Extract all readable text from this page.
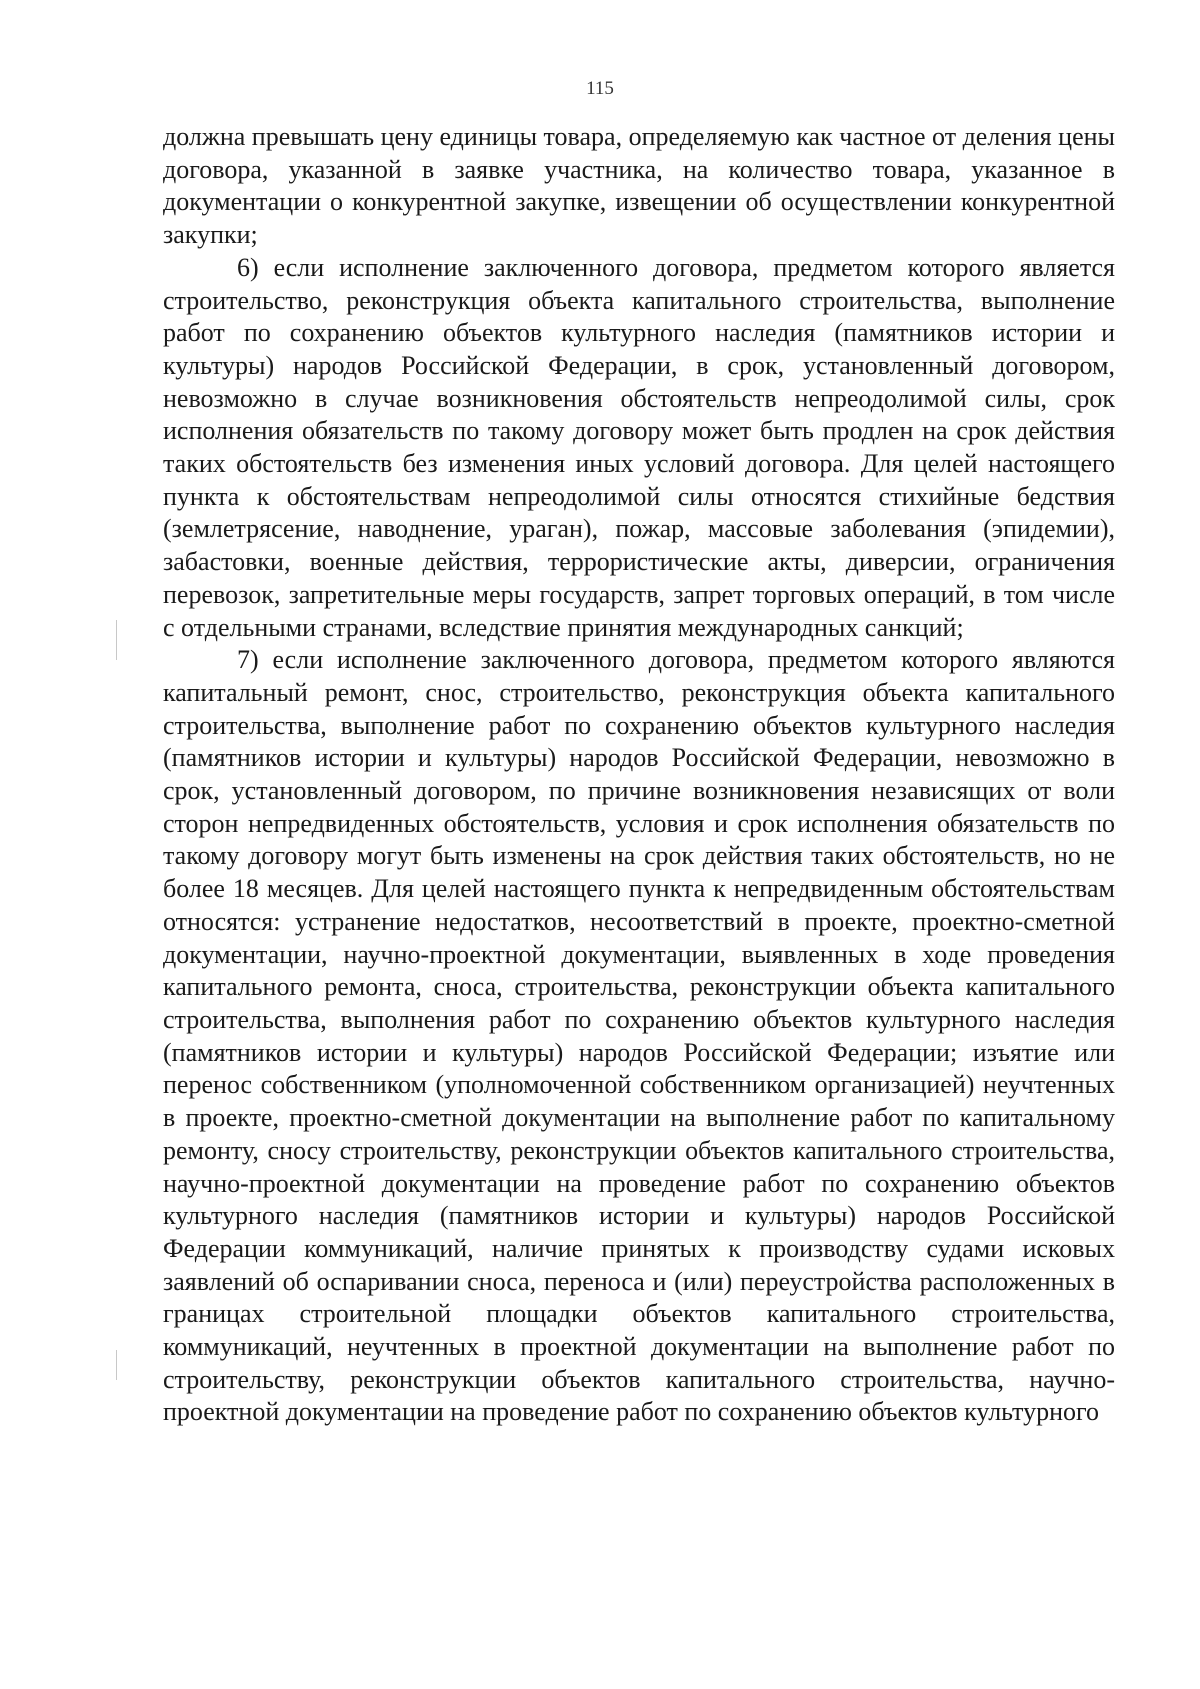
115

должна превышать цену единицы товара, определяемую как частное от деления цены договора, указанной в заявке участника, на количество товара, указанное в документации о конкурентной закупке, извещении об осуществлении конкурентной закупки;

6) если исполнение заключенного договора, предметом которого является строительство, реконструкция объекта капитального строительства, выполнение работ по сохранению объектов культурного наследия (памятников истории и культуры) народов Российской Федерации, в срок, установленный договором, невозможно в случае возникновения обстоятельств непреодолимой силы, срок исполнения обязательств по такому договору может быть продлен на срок действия таких обстоятельств без изменения иных условий договора. Для целей настоящего пункта к обстоятельствам непреодолимой силы относятся стихийные бедствия (землетрясение, наводнение, ураган), пожар, массовые заболевания (эпидемии), забастовки, военные действия, террористические акты, диверсии, ограничения перевозок, запретительные меры государств, запрет торговых операций, в том числе с отдельными странами, вследствие принятия международных санкций;

7) если исполнение заключенного договора, предметом которого являются капитальный ремонт, снос, строительство, реконструкция объекта капитального строительства, выполнение работ по сохранению объектов культурного наследия (памятников истории и культуры) народов Российской Федерации, невозможно в срок, установленный договором, по причине возникновения независящих от воли сторон непредвиденных обстоятельств, условия и срок исполнения обязательств по такому договору могут быть изменены на срок действия таких обстоятельств, но не более 18 месяцев. Для целей настоящего пункта к непредвиденным обстоятельствам относятся: устранение недостатков, несоответствий в проекте, проектно-сметной документации, научно-проектной документации, выявленных в ходе проведения капитального ремонта, сноса, строительства, реконструкции объекта капитального строительства, выполнения работ по сохранению объектов культурного наследия (памятников истории и культуры) народов Российской Федерации; изъятие или перенос собственником (уполномоченной собственником организацией) неучтенных в проекте, проектно-сметной документации на выполнение работ по капитальному ремонту, сносу строительству, реконструкции объектов капитального строительства, научно-проектной документации на проведение работ по сохранению объектов культурного наследия (памятников истории и культуры) народов Российской Федерации коммуникаций, наличие принятых к производству судами исковых заявлений об оспаривании сноса, переноса и (или) переустройства расположенных в границах строительной площадки объектов капитального строительства, коммуникаций, неучтенных в проектной документации на выполнение работ по строительству, реконструкции объектов капитального строительства, научно-проектной документации на проведение работ по сохранению объектов культурного
